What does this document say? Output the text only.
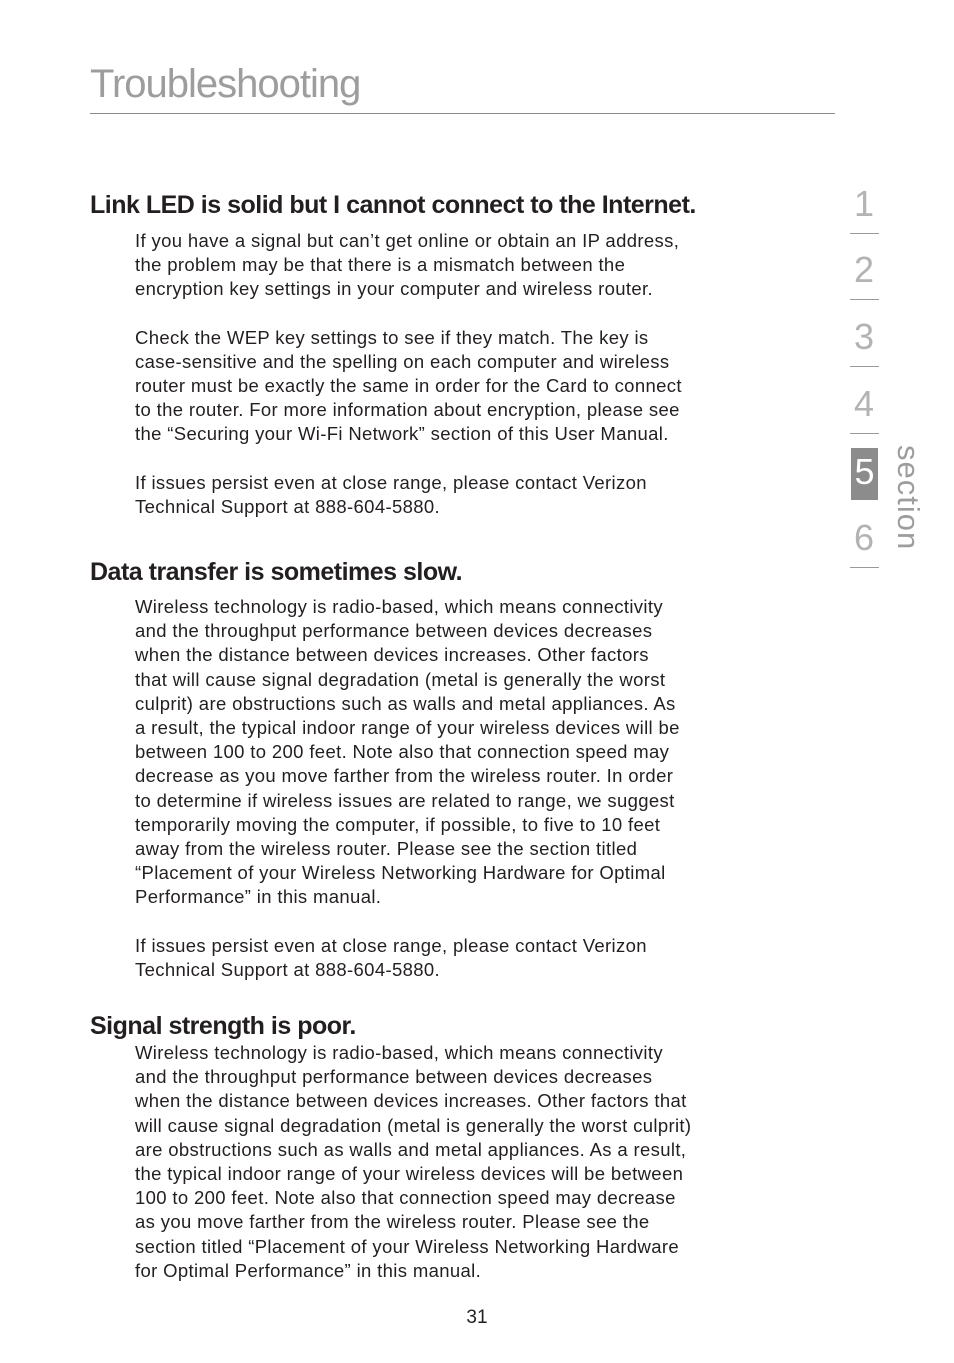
Troubleshooting
Link LED is solid but I cannot connect to the Internet.

If you have a signal but can’t get online or obtain an IP address,
the problem may be that there is a mismatch between the
encryption key settings in your computer and wireless router.

Check the WEP key settings to see if they match. The key is
case-sensitive and the spelling on each computer and wireless
router must be exactly the same in order for the Card to connect
to the router. For more information about encryption, please see
the “Securing your Wi-Fi Network” section of this User Manual.

If issues persist even at close range, please contact Verizon
Technical Support at 888-604-5880.

Data transfer is sometimes slow.

Wireless technology is radio-based, which means connectivity
and the throughput performance between devices decreases
when the distance between devices increases. Other factors
that will cause signal degradation (metal is generally the worst
culprit) are obstructions such as walls and metal appliances. As
a result, the typical indoor range of your wireless devices will be
between 100 to 200 feet. Note also that connection speed may
decrease as you move farther from the wireless router. In order
to determine if wireless issues are related to range, we suggest
temporarily moving the computer, if possible, to five to 10 feet
away from the wireless router. Please see the section titled
“Placement of your Wireless Networking Hardware for Optimal
Performance” in this manual.

If issues persist even at close range, please contact Verizon
Technical Support at 888-604-5880.

Signal strength is poor.

Wireless technology is radio-based, which means connectivity
and the throughput performance between devices decreases
when the distance between devices increases. Other factors that
will cause signal degradation (metal is generally the worst culprit)
are obstructions such as walls and metal appliances. As a result,
the typical indoor range of your wireless devices will be between
100 to 200 feet. Note also that connection speed may decrease
as you move farther from the wireless router. Please see the
section titled “Placement of your Wireless Networking Hardware
for Optimal Performance” in this manual.

1
2
3
4
5
6 section

31
